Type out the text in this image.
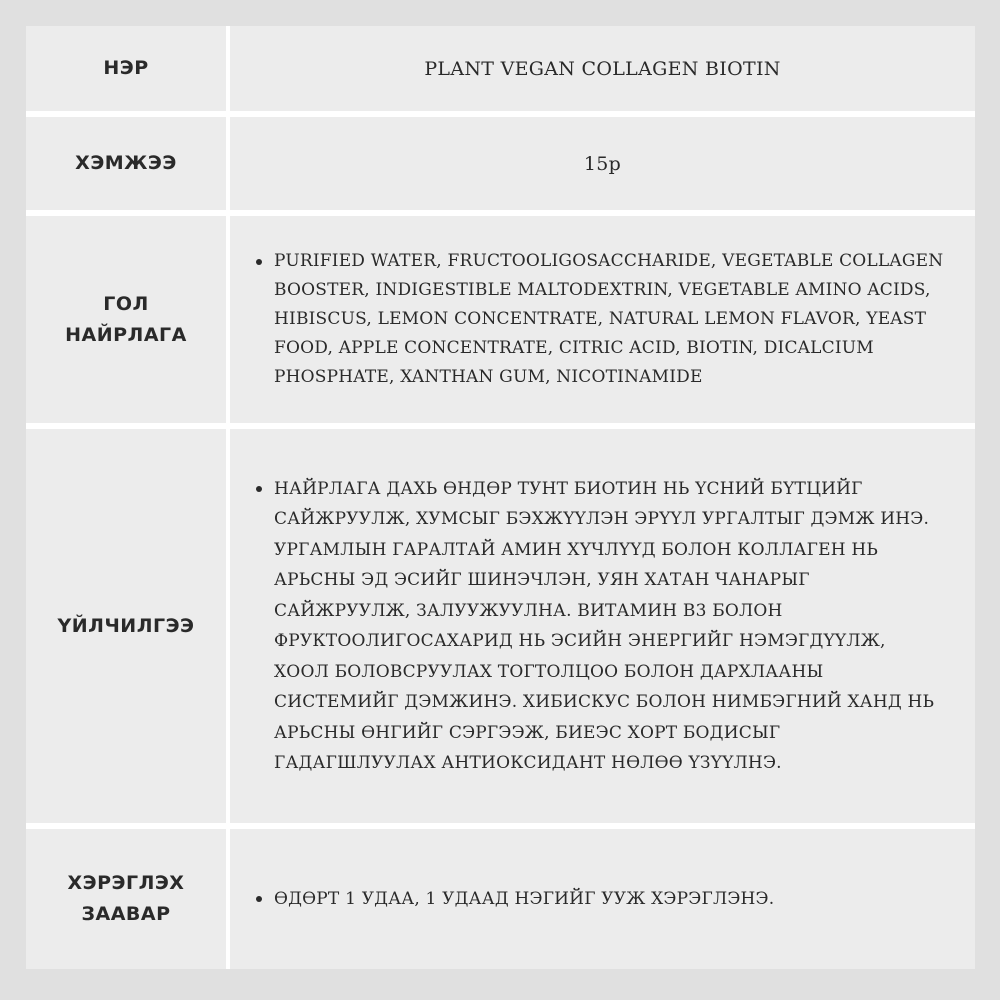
НЭР	PLANT VEGAN COLLAGEN BIOTIN
ХЭМЖЭЭ	15р
ГОЛ НАЙРЛАГА
PURIFIED WATER, FRUCTOOLIGOSACCHARIDE, VEGETABLE COLLAGEN BOOSTER, INDIGESTIBLE MALTODEXTRIN, VEGETABLE AMINO ACIDS, HIBISCUS, LEMON CONCENTRATE, NATURAL LEMON FLAVOR, YEAST FOOD, APPLE CONCENTRATE, CITRIC ACID, BIOTIN, DICALCIUM PHOSPHATE, XANTHAN GUM, NICOTINAMIDE
ҮЙЛЧИЛГЭЭ
НАЙРЛАГА ДАХЬ ӨНДӨР ТУНТ БИОТИН НЬ ҮСНИЙ БҮТЦИЙГ САЙЖРУУЛЖ, ХУМСЫГ БЭХЖҮҮЛЭН ЭРҮҮЛ УРГАЛТЫГ ДЭМЖ ИНЭ. УРГАМЛЫН ГАРАЛТАЙ АМИН ХҮЧЛҮҮД БОЛОН КОЛЛАГЕН НЬ АРЬСНЫ ЭД ЭСИЙГ ШИНЭЧЛЭН, УЯН ХАТАН ЧАНАРЫГ САЙЖРУУЛЖ, ЗАЛУУЖУУЛНА. ВИТАМИН B3 БОЛОН ФРУКТООЛИГОСАХАРИД НЬ ЭСИЙН ЭНЕРГИЙГ НЭМЭГДҮҮЛЖ, ХООЛ БОЛОВСРУУЛАХ ТОГТОЛЦОО БОЛОН ДАРХЛААНЫ СИСТЕМИЙГ ДЭМЖИНЭ. ХИБИСКУС БОЛОН НИМБЭГНИЙ ХАНД НЬ АРЬСНЫ ӨНГИЙГ СЭРГЭЭЖ, БИЕЭС ХОРТ БОДИСЫГ ГАДАГШЛУУЛАХ АНТИОКСИДАНТ НӨЛӨӨ ҮЗҮҮЛНЭ.
ХЭРЭГЛЭХ ЗААВАР
ӨДӨРТ 1 УДАА, 1 УДААД НЭГИЙГ УУЖ ХЭРЭГЛЭНЭ.
